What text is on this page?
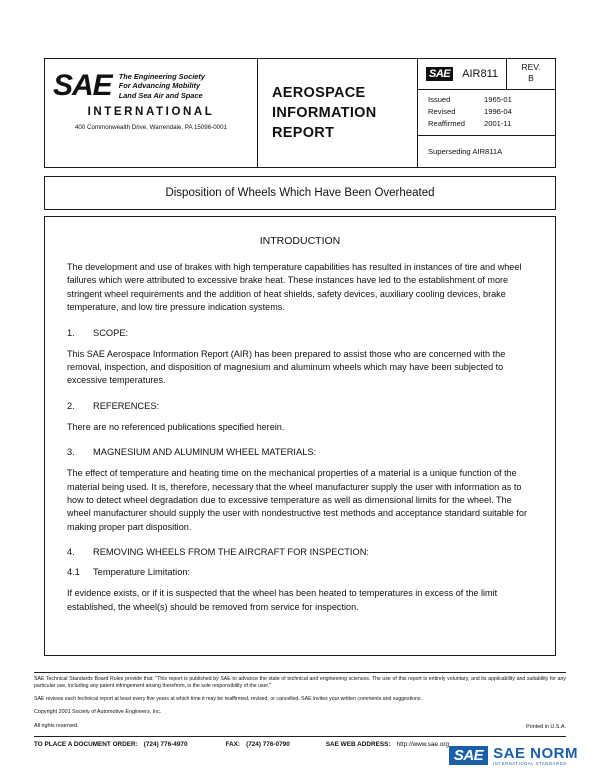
SAE The Engineering Society
For Advancing Mobility
Land Sea Air and Space
INTERNATIONAL
400 Commonwealth Drive, Warrendale, PA 15096-0001
AEROSPACE
INFORMATION
REPORT
SAE AIR811
REV.
B
Issued	1965-01
Revised	1996-04
Reaffirmed	2001-11
Superseding AIR811A
Disposition of Wheels Which Have Been Overheated
INTRODUCTION

The development and use of brakes with high temperature capabilities has resulted in instances of tire and wheel failures which were attributed to excessive brake heat. These instances have led to the establishment of more stringent wheel requirements and the addition of heat shields, safety devices, auxiliary cooling devices, brake temperature, and low tire pressure indication systems.

1.	SCOPE:

This SAE Aerospace Information Report (AIR) has been prepared to assist those who are concerned with the removal, inspection, and disposition of magnesium and aluminum wheels which may have been subjected to excessive temperatures.

2.	REFERENCES:

There are no referenced publications specified herein.

3.	MAGNESIUM AND ALUMINUM WHEEL MATERIALS:

The effect of temperature and heating time on the mechanical properties of a material is a unique function of the material being used. It is, therefore, necessary that the wheel manufacturer supply the user with information as to how to detect wheel degradation due to excessive temperature as well as dimensional limits for the wheel. The wheel manufacturer should supply the user with nondestructive test methods and acceptance standard suitable for making proper part disposition.

4.	REMOVING WHEELS FROM THE AIRCRAFT FOR INSPECTION:
4.1	Temperature Limitation:

If evidence exists, or if it is suspected that the wheel has been heated to temperatures in excess of the limit established, the wheel(s) should be removed from service for inspection.

SAE Technical Standards Board Rules provide that: "This report is published by SAE to advance the state of technical and engineering sciences. The use of this report is entirely voluntary, and its applicability and suitability for any particular use, including any patent infringement arising therefrom, is the sole responsibility of the user."
SAE reviews each technical report at least every five years at which time it may be reaffirmed, revised, or cancelled. SAE invites your written comments and suggestions.
Copyright 2001 Society of Automotive Engineers, Inc.
All rights reserved.	Printed in U.S.A.
TO PLACE A DOCUMENT ORDER: (724) 776-4970	FAX: (724) 776-0790	SAE WEB ADDRESS: http://www.sae.org
SAE SAE NORM
INTERNATIONAL STANDARDS
